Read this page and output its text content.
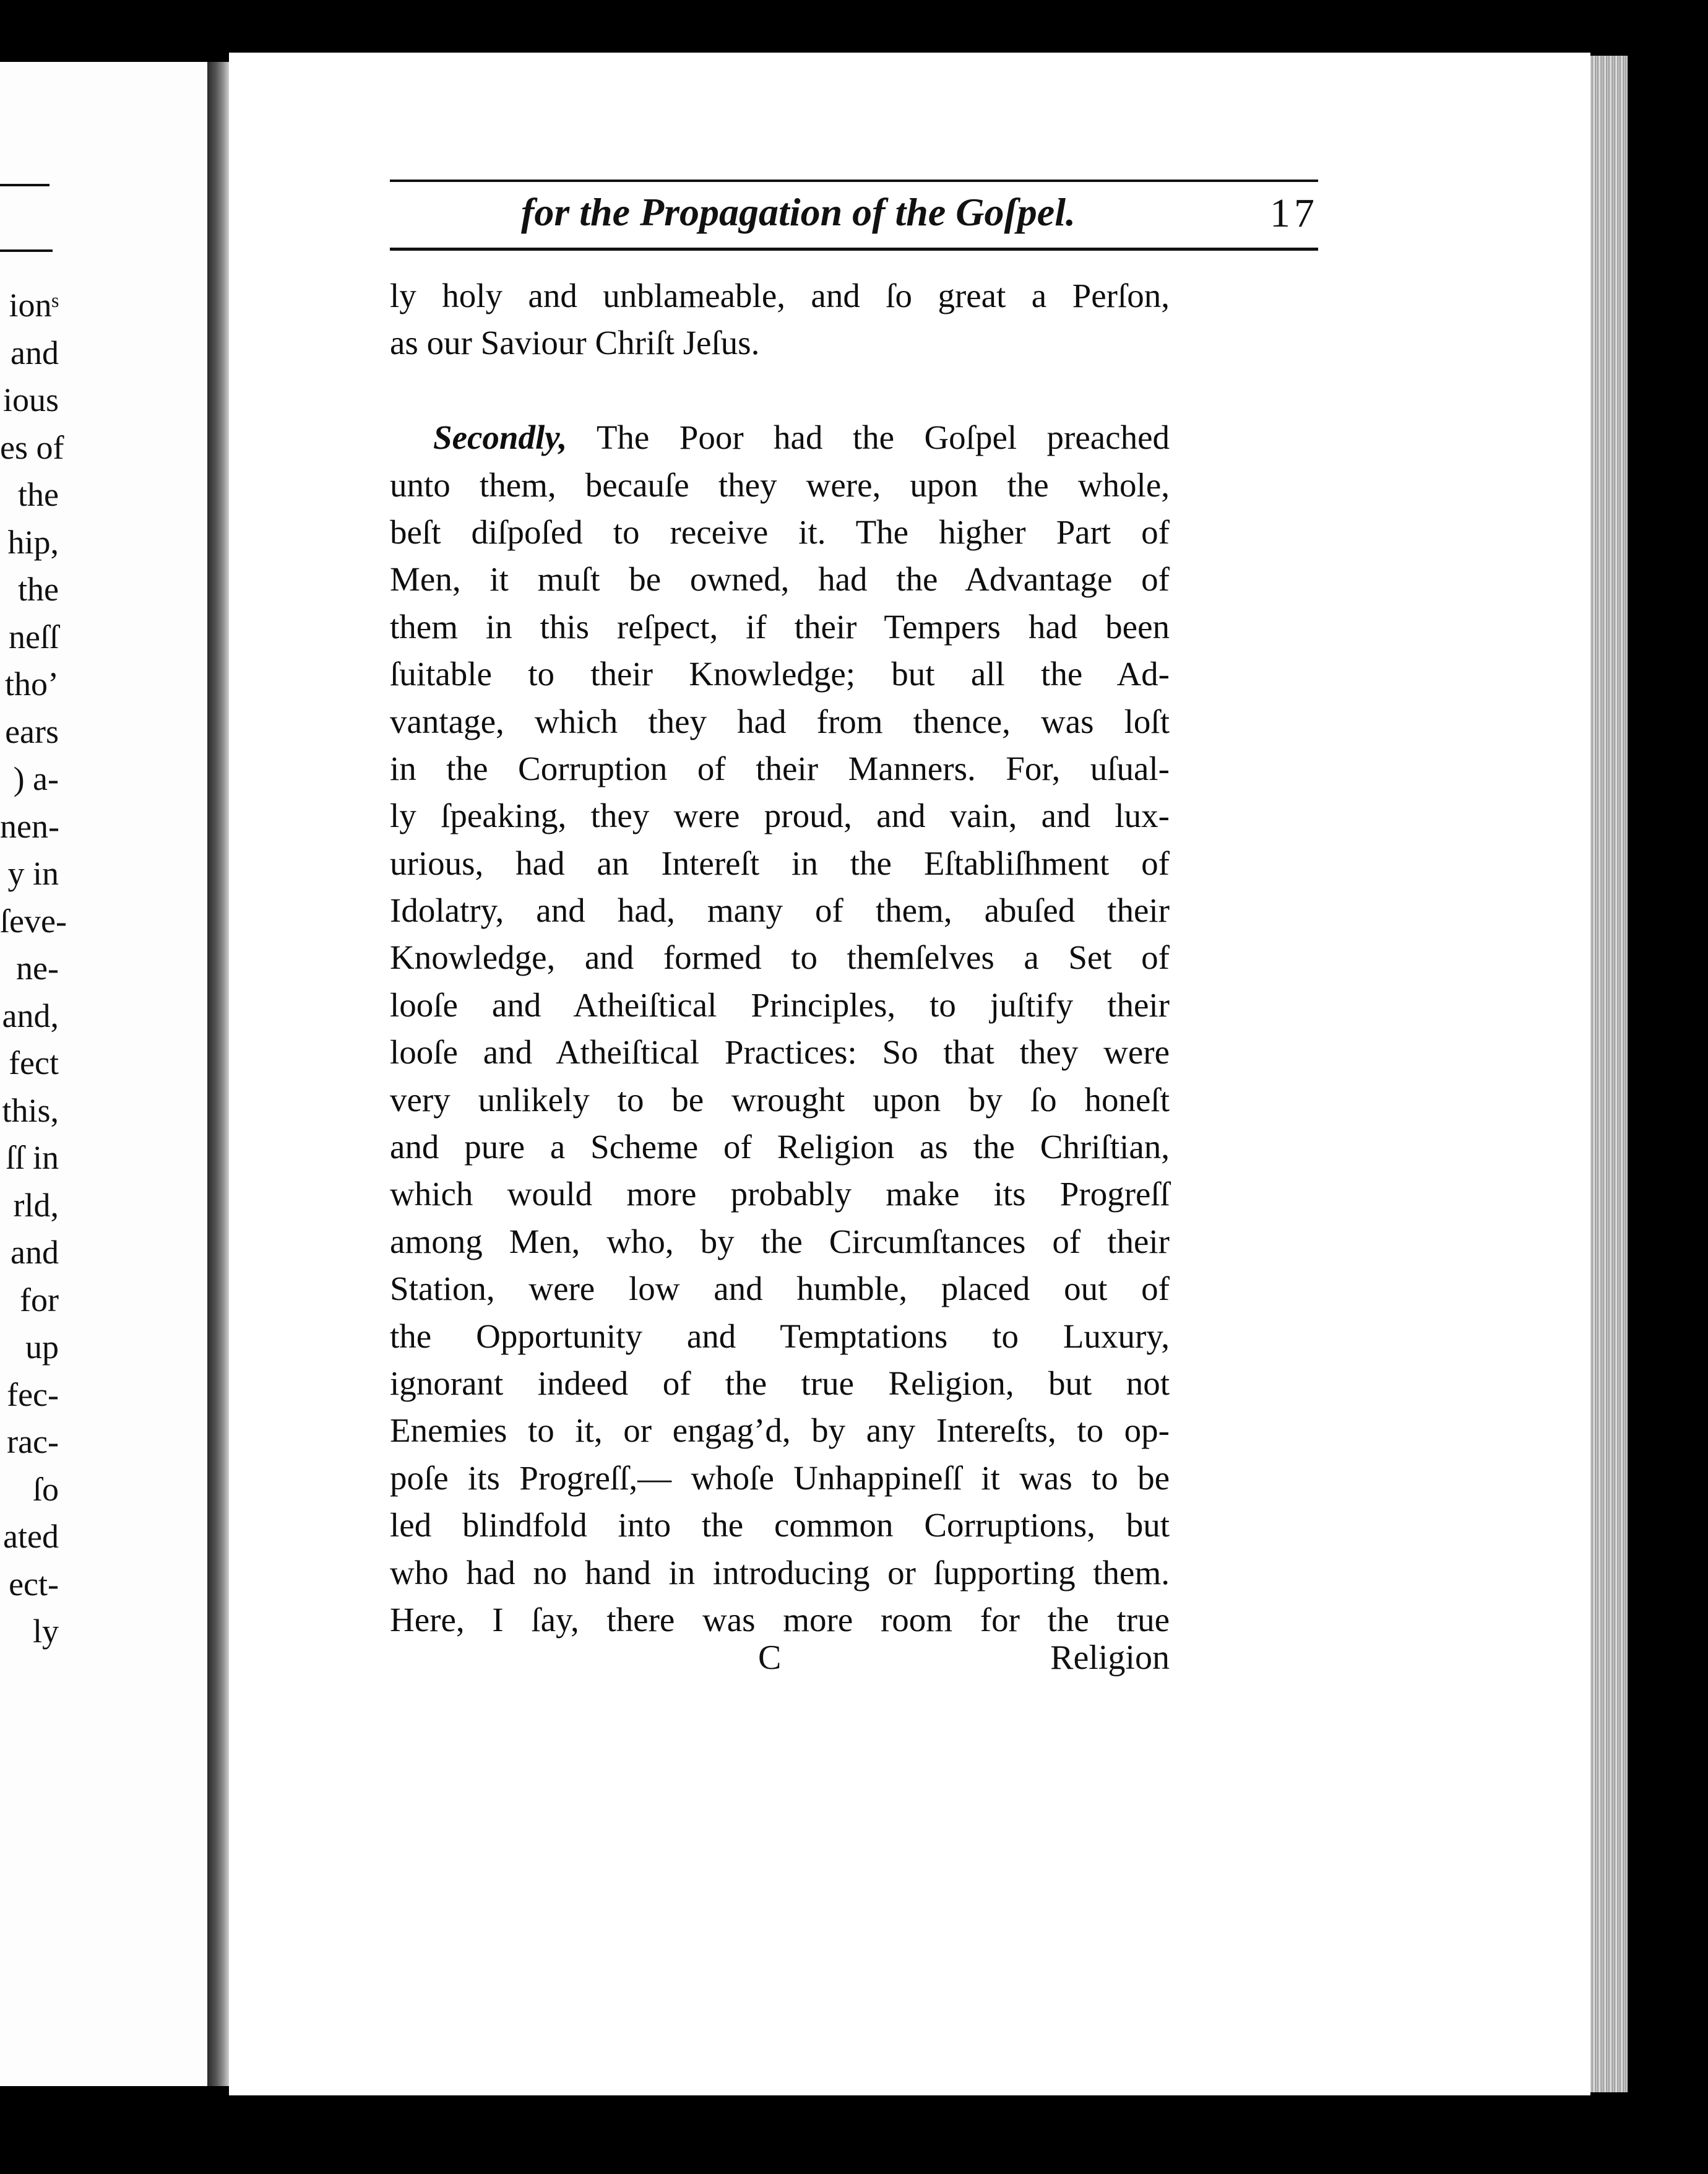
ionˢ
and
ious
es of
the
hip,
the
neſſ
tho’
ears
) a-
nen-
y in
ſeve-
ne-
and,
fect
this,
ſſ in
rld,
and
for
up
fec-
rac-
ſo
ated
ect-
ly
for the Propagation of the Goſpel.	17
ly holy and unblameable, and ſo great a Perſon,
as our Saviour Chriſt Jeſus.
Secondly, The Poor had the Goſpel preached
unto them, becauſe they were, upon the whole,
beſt diſpoſed to receive it. The higher Part of
Men, it muſt be owned, had the Advantage of
them in this reſpect, if their Tempers had been
ſuitable to their Knowledge; but all the Ad-
vantage, which they had from thence, was loſt
in the Corruption of their Manners. For, uſual-
ly ſpeaking, they were proud, and vain, and lux-
urious, had an Intereſt in the Eſtabliſhment of
Idolatry, and had, many of them, abuſed their
Knowledge, and formed to themſelves a Set of
looſe and Atheiſtical Principles, to juſtify their
looſe and Atheiſtical Practices: So that they were
very unlikely to be wrought upon by ſo honeſt
and pure a Scheme of Religion as the Chriſtian,
which would more probably make its Progreſſ
among Men, who, by the Circumſtances of their
Station, were low and humble, placed out of
the Opportunity and Temptations to Luxury,
ignorant indeed of the true Religion, but not
Enemies to it, or engag’d, by any Intereſts, to op-
poſe its Progreſſ,— whoſe Unhappineſſ it was to be
led blindfold into the common Corruptions, but
who had no hand in introducing or ſupporting them.
Here, I ſay, there was more room for the true
C	Religion
